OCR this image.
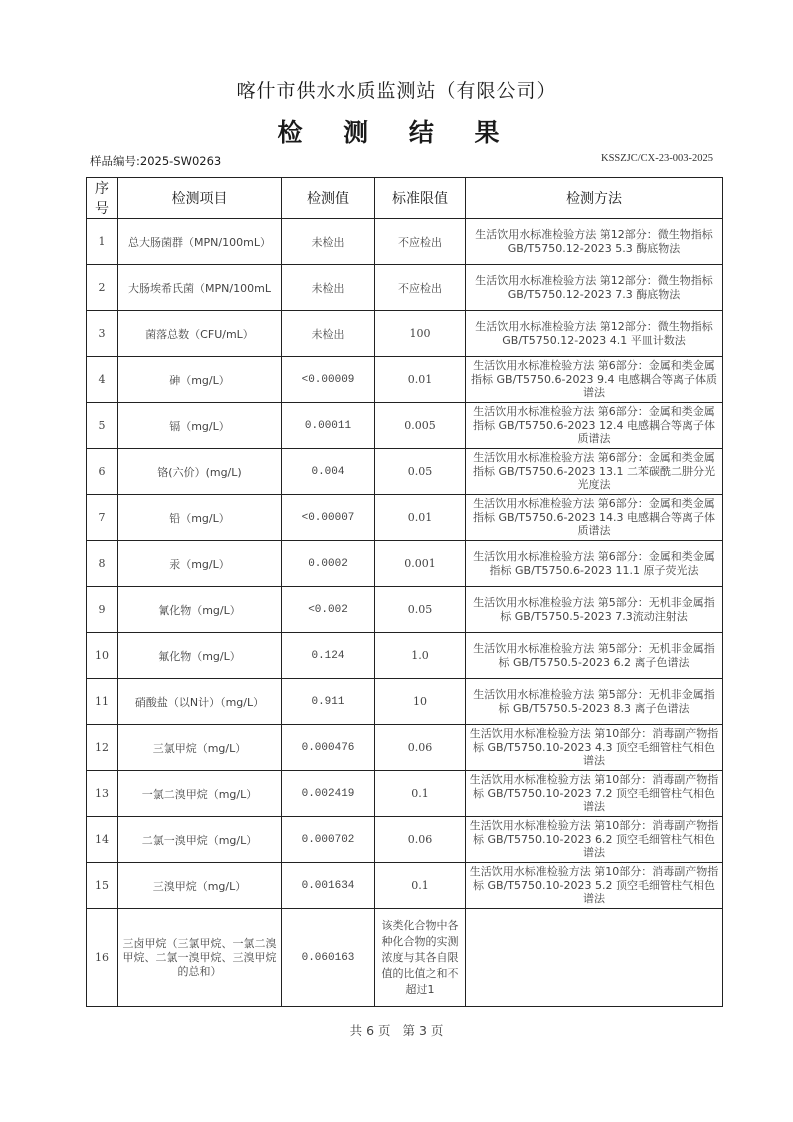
喀什市供水水质监测站（有限公司）
检 测 结 果
样品编号:2025-SW0263	KSSZJC/CX-23-003-2025
序号	检测项目	检测值	标准限值	检测方法
1	总大肠菌群（MPN/100mL）	未检出	不应检出	生活饮用水标准检验方法 第12部分：微生物指标 GB/T5750.12-2023 5.3 酶底物法
2	大肠埃希氏菌（MPN/100mL	未检出	不应检出	生活饮用水标准检验方法 第12部分：微生物指标 GB/T5750.12-2023 7.3 酶底物法
3	菌落总数（CFU/mL）	未检出	100	生活饮用水标准检验方法 第12部分：微生物指标GB/T5750.12-2023 4.1 平皿计数法
4	砷（mg/L）	<0.00009	0.01	生活饮用水标准检验方法 第6部分：金属和类金属指标 GB/T5750.6-2023 9.4 电感耦合等离子体质谱法
5	镉（mg/L）	0.00011	0.005	生活饮用水标准检验方法 第6部分：金属和类金属指标 GB/T5750.6-2023 12.4 电感耦合等离子体质谱法
6	铬(六价）(mg/L)	0.004	0.05	生活饮用水标准检验方法 第6部分：金属和类金属指标 GB/T5750.6-2023 13.1 二苯碳酰二肼分光光度法
7	铅（mg/L）	<0.00007	0.01	生活饮用水标准检验方法 第6部分：金属和类金属指标 GB/T5750.6-2023 14.3 电感耦合等离子体质谱法
8	汞（mg/L）	0.0002	0.001	生活饮用水标准检验方法 第6部分：金属和类金属指标 GB/T5750.6-2023 11.1 原子荧光法
9	氰化物（mg/L）	<0.002	0.05	生活饮用水标准检验方法 第5部分：无机非金属指标 GB/T5750.5-2023 7.3流动注射法
10	氟化物（mg/L）	0.124	1.0	生活饮用水标准检验方法 第5部分：无机非金属指标 GB/T5750.5-2023 6.2 离子色谱法
11	硝酸盐（以N计）（mg/L）	0.911	10	生活饮用水标准检验方法 第5部分：无机非金属指标 GB/T5750.5-2023 8.3 离子色谱法
12	三氯甲烷（mg/L）	0.000476	0.06	生活饮用水标准检验方法 第10部分：消毒副产物指标 GB/T5750.10-2023 4.3 顶空毛细管柱气相色谱法
13	一氯二溴甲烷（mg/L）	0.002419	0.1	生活饮用水标准检验方法 第10部分：消毒副产物指标 GB/T5750.10-2023 7.2 顶空毛细管柱气相色谱法
14	二氯一溴甲烷（mg/L）	0.000702	0.06	生活饮用水标准检验方法 第10部分：消毒副产物指标 GB/T5750.10-2023 6.2 顶空毛细管柱气相色谱法
15	三溴甲烷（mg/L）	0.001634	0.1	生活饮用水标准检验方法 第10部分：消毒副产物指标 GB/T5750.10-2023 5.2 顶空毛细管柱气相色谱法
16	三卤甲烷（三氯甲烷、一氯二溴甲烷、二氯一溴甲烷、三溴甲烷的总和）	0.060163	该类化合物中各种化合物的实测浓度与其各自限值的比值之和不超过1	
共 6 页 第 3 页
